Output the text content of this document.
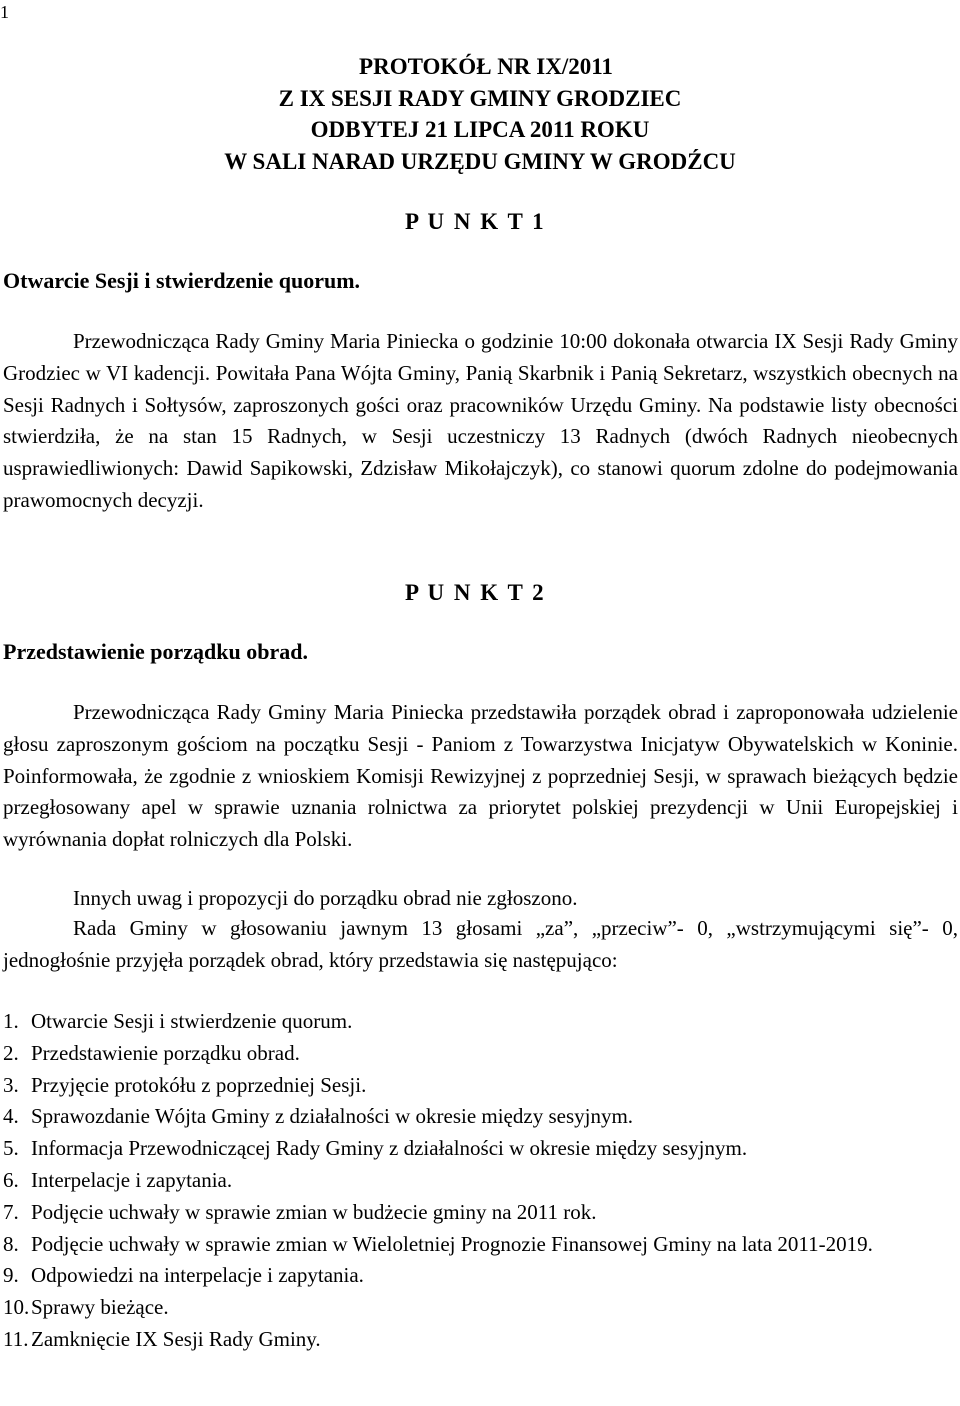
1
PROTOKÓŁ NR IX/2011
Z IX SESJI RADY GMINY GRODZIEC
ODBYTEJ 21 LIPCA 2011 ROKU
W SALI NARAD URZĘDU GMINY W GRODŹCU
P U N K T 1
Otwarcie Sesji i stwierdzenie quorum.
Przewodnicząca Rady Gminy Maria Piniecka o godzinie 10:00 dokonała otwarcia IX Sesji Rady Gminy Grodziec w VI kadencji. Powitała Pana Wójta Gminy, Panią Skarbnik i Panią Sekretarz, wszystkich obecnych na Sesji Radnych i Sołtysów, zaproszonych gości oraz pracowników Urzędu Gminy. Na podstawie listy obecności stwierdziła, że na stan 15 Radnych, w Sesji uczestniczy 13 Radnych (dwóch Radnych nieobecnych usprawiedliwionych: Dawid Sapikowski, Zdzisław Mikołajczyk), co stanowi quorum zdolne do podejmowania prawomocnych decyzji.
P U N K T 2
Przedstawienie porządku obrad.
Przewodnicząca Rady Gminy Maria Piniecka przedstawiła porządek obrad i zaproponowała udzielenie głosu zaproszonym gościom na początku Sesji - Paniom z Towarzystwa Inicjatyw Obywatelskich w Koninie. Poinformowała, że zgodnie z wnioskiem Komisji Rewizyjnej z poprzedniej Sesji, w sprawach bieżących będzie przegłosowany apel w sprawie uznania rolnictwa za priorytet polskiej prezydencji w Unii Europejskiej i wyrównania dopłat rolniczych dla Polski.
Innych uwag i propozycji do porządku obrad nie zgłoszono.
Rada Gminy w głosowaniu jawnym 13 głosami „za”, „przeciw”- 0, „wstrzymującymi się”- 0, jednogłośnie przyjęła porządek obrad, który przedstawia się następująco:
1. Otwarcie Sesji i stwierdzenie quorum.
2. Przedstawienie porządku obrad.
3. Przyjęcie protokółu z poprzedniej Sesji.
4. Sprawozdanie Wójta Gminy z działalności w okresie między sesyjnym.
5. Informacja Przewodniczącej Rady Gminy z działalności w okresie między sesyjnym.
6. Interpelacje i zapytania.
7. Podjęcie uchwały w sprawie zmian w budżecie gminy na 2011 rok.
8. Podjęcie uchwały w sprawie zmian w Wieloletniej Prognozie Finansowej Gminy na lata 2011-2019.
9. Odpowiedzi na interpelacje i zapytania.
10. Sprawy bieżące.
11. Zamknięcie IX Sesji Rady Gminy.
